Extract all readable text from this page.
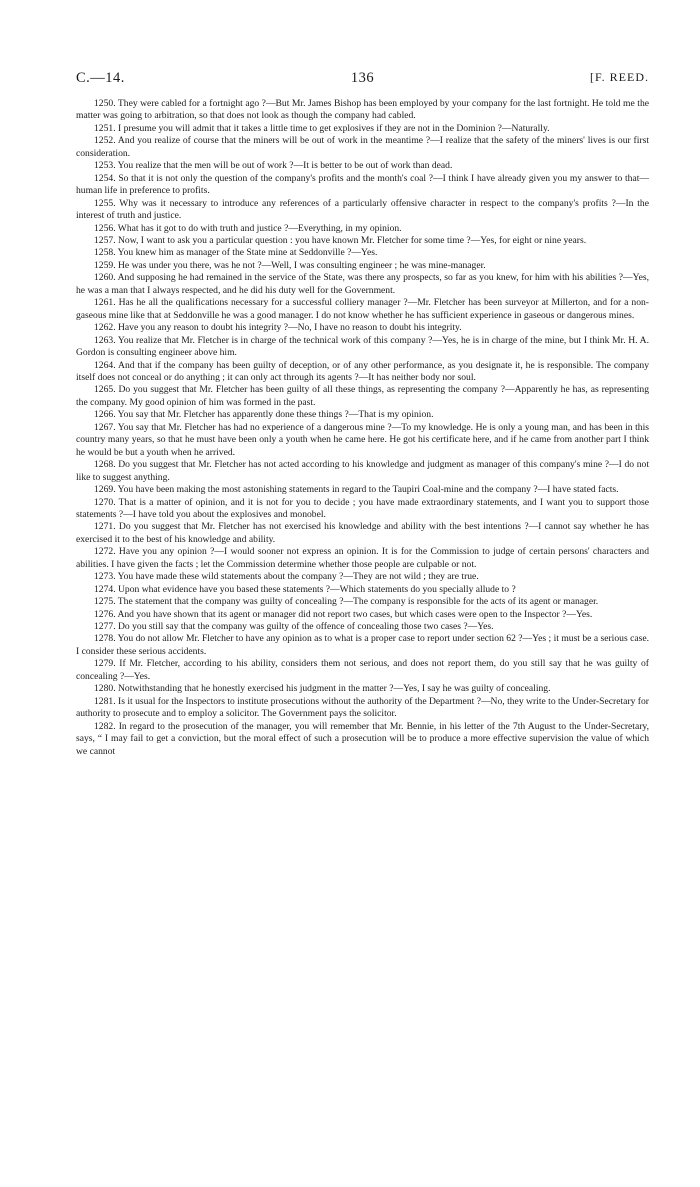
C.—14.	136	[F. REED.

1250. They were cabled for a fortnight ago ?—But Mr. James Bishop has been employed by your company for the last fortnight. He told me the matter was going to arbitration, so that does not look as though the company had cabled.

1251. I presume you will admit that it takes a little time to get explosives if they are not in the Dominion ?—Naturally.

1252. And you realize of course that the miners will be out of work in the meantime ?—I realize that the safety of the miners' lives is our first consideration.

1253. You realize that the men will be out of work ?—It is better to be out of work than dead.

1254. So that it is not only the question of the company's profits and the month's coal ?—I think I have already given you my answer to that—human life in preference to profits.

1255. Why was it necessary to introduce any references of a particularly offensive character in respect to the company's profits ?—In the interest of truth and justice.

1256. What has it got to do with truth and justice ?—Everything, in my opinion.

1257. Now, I want to ask you a particular question : you have known Mr. Fletcher for some time ?—Yes, for eight or nine years.

1258. You knew him as manager of the State mine at Seddonville ?—Yes.

1259. He was under you there, was he not ?—Well, I was consulting engineer ; he was mine-manager.

1260. And supposing he had remained in the service of the State, was there any prospects, so far as you knew, for him with his abilities ?—Yes, he was a man that I always respected, and he did his duty well for the Government.

1261. Has he all the qualifications necessary for a successful colliery manager ?—Mr. Fletcher has been surveyor at Millerton, and for a non-gaseous mine like that at Seddonville he was a good manager. I do not know whether he has sufficient experience in gaseous or dangerous mines.

1262. Have you any reason to doubt his integrity ?—No, I have no reason to doubt his integrity.

1263. You realize that Mr. Fletcher is in charge of the technical work of this company ?—Yes, he is in charge of the mine, but I think Mr. H. A. Gordon is consulting engineer above him.

1264. And that if the company has been guilty of deception, or of any other performance, as you designate it, he is responsible. The company itself does not conceal or do anything ; it can only act through its agents ?—It has neither body nor soul.

1265. Do you suggest that Mr. Fletcher has been guilty of all these things, as representing the company ?—Apparently he has, as representing the company. My good opinion of him was formed in the past.

1266. You say that Mr. Fletcher has apparently done these things ?—That is my opinion.

1267. You say that Mr. Fletcher has had no experience of a dangerous mine ?—To my knowledge. He is only a young man, and has been in this country many years, so that he must have been only a youth when he came here. He got his certificate here, and if he came from another part I think he would be but a youth when he arrived.

1268. Do you suggest that Mr. Fletcher has not acted according to his knowledge and judgment as manager of this company's mine ?—I do not like to suggest anything.

1269. You have been making the most astonishing statements in regard to the Taupiri Coal-mine and the company ?—I have stated facts.

1270. That is a matter of opinion, and it is not for you to decide ; you have made extraordinary statements, and I want you to support those statements ?—I have told you about the explosives and monobel.

1271. Do you suggest that Mr. Fletcher has not exercised his knowledge and ability with the best intentions ?—I cannot say whether he has exercised it to the best of his knowledge and ability.

1272. Have you any opinion ?—I would sooner not express an opinion. It is for the Commission to judge of certain persons' characters and abilities. I have given the facts ; let the Commission determine whether those people are culpable or not.

1273. You have made these wild statements about the company ?—They are not wild ; they are true.

1274. Upon what evidence have you based these statements ?—Which statements do you specially allude to ?

1275. The statement that the company was guilty of concealing ?—The company is responsible for the acts of its agent or manager.

1276. And you have shown that its agent or manager did not report two cases, but which cases were open to the Inspector ?—Yes.

1277. Do you still say that the company was guilty of the offence of concealing those two cases ?—Yes.

1278. You do not allow Mr. Fletcher to have any opinion as to what is a proper case to report under section 62 ?—Yes ; it must be a serious case. I consider these serious accidents.

1279. If Mr. Fletcher, according to his ability, considers them not serious, and does not report them, do you still say that he was guilty of concealing ?—Yes.

1280. Notwithstanding that he honestly exercised his judgment in the matter ?—Yes, I say he was guilty of concealing.

1281. Is it usual for the Inspectors to institute prosecutions without the authority of the Department ?—No, they write to the Under-Secretary for authority to prosecute and to employ a solicitor. The Government pays the solicitor.

1282. In regard to the prosecution of the manager, you will remember that Mr. Bennie, in his letter of the 7th August to the Under-Secretary, says, “ I may fail to get a conviction, but the moral effect of such a prosecution will be to produce a more effective supervision the value of which we cannot
